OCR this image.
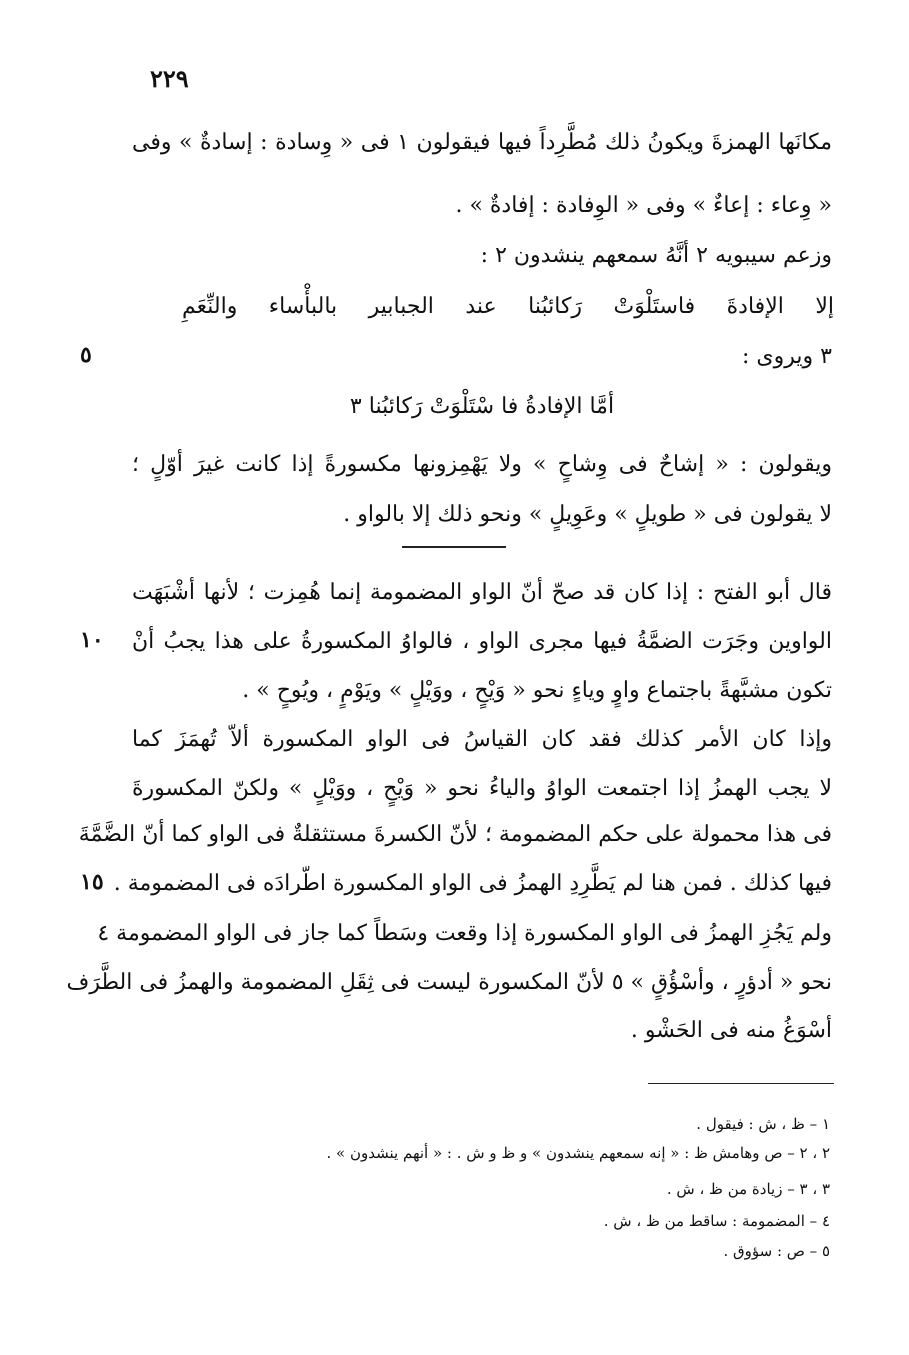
٢٢٩
مكانَها الهمزةَ ويكونُ ذلك مُطَّرِداً فيها فيقولون ١ فى « وِسادة : إسادةٌ » وفى
« وِعاء : إعاءٌ » وفى « الوِفادة : إفادةٌ » .
وزعم سيبويه ٢ أنَّهُ سمعهم ينشدون ٢ :
إلا الإفادةَ فاستَلْوَتْ رَكائبُنا عند الجبابير بالبأْساء والنِّعَمِ
٣ ويروى :
٥
أمَّا الإفادةُ فا سْتَلْوَتْ رَكائبُنا ٣
ويقولون : « إشاحٌ فى وِشاحٍ » ولا يَهْمِزونها مكسورةً إذا كانت غيرَ أوّلٍ ؛
لا يقولون فى « طويلٍ » وعَوِيلٍ » ونحو ذلك إلا بالواو .
قال أبو الفتح : إذا كان قد صحّ أنّ الواو المضمومة إنما هُمِزت ؛ لأنها أشْبَهَت
الواوين وجَرَت الضمَّةُ فيها مجرى الواو ، فالواوُ المكسورةُ على هذا يجبُ أنْ
١٠
تكون مشبَّهةً باجتماع واوٍ وياءٍ نحو « وَيْحٍ ، ووَيْلٍ » ويَوْمٍ ، ويُوحٍ » .
وإذا كان الأمر كذلك فقد كان القياسُ فى الواو المكسورة ألاّ تُهمَزَ كما
لا يجب الهمزُ إذا اجتمعت الواوُ والياءُ نحو « وَيْحٍ ، ووَيْلٍ » ولكنّ المكسورةَ
فى هذا محمولة على حكم المضمومة ؛ لأنّ الكسرةَ مستثقلةٌ فى الواو كما أنّ الضَّمَّةَ
فيها كذلك . فمن هنا لم يَطَّرِدِ الهمزُ فى الواو المكسورة اطّرادَه فى المضمومة .
١٥
ولم يَجُزِ الهمزُ فى الواو المكسورة إذا وقعت وسَطاً كما جاز فى الواو المضمومة ٤
نحو « أدؤرٍ ، وأسْؤُقٍ » ٥ لأنّ المكسورة ليست فى ثِقَلِ المضمومة والهمزُ فى الطَّرَف
أسْوَغُ منه فى الحَشْو .
١ – ظ ، ش : فيقول .
٢ ، ٢ – ص وهامش ظ : « إنه سمعهم ينشدون » و ظ و ش . : « أنهم ينشدون » .
٣ ، ٣ – زيادة من ظ ، ش .
٤ – المضمومة : ساقط من ظ ، ش .
٥ – ص : سؤوق .
